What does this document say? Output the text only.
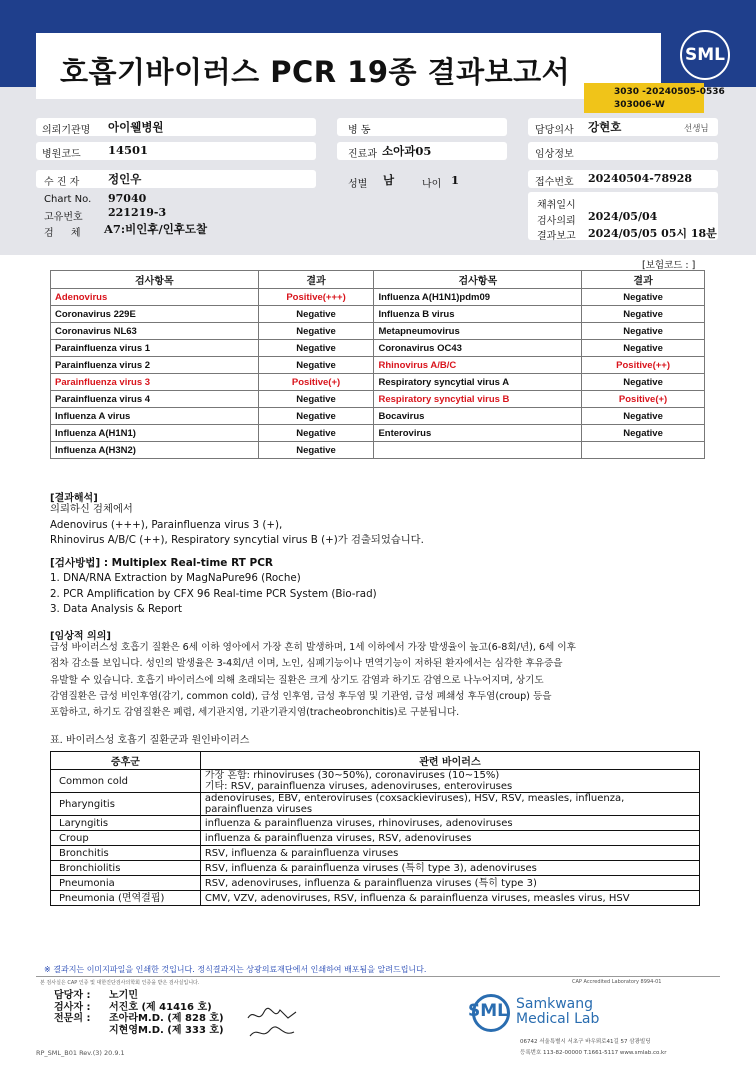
호흡기바이러스 PCR 19종 결과보고서	SML
3030 -20240505-0536
303006-W
의뢰기관명 아이웰병원	병 동	담당의사 강현호	선생님
병원코드 14501	진료과 소아과05	임상정보
수 진 자 정인우	성별 남	나이 1	접수번호 20240504-78928
Chart No. 97040
고유번호 221219-3
검 체 A7:비인후/인후도찰
채취일시
검사의뢰 2024/05/04
결과보고 2024/05/05 05시 18분
[보험코드 : ]
검사항목	결과	검사항목	결과
Adenovirus	Positive(+++)	Influenza A(H1N1)pdm09	Negative
Coronavirus 229E	Negative	Influenza B virus	Negative
Coronavirus NL63	Negative	Metapneumovirus	Negative
Parainfluenza virus 1	Negative	Coronavirus OC43	Negative
Parainfluenza virus 2	Negative	Rhinovirus A/B/C	Positive(++)
Parainfluenza virus 3	Positive(+)	Respiratory syncytial virus A	Negative
Parainfluenza virus 4	Negative	Respiratory syncytial virus B	Positive(+)
Influenza A virus	Negative	Bocavirus	Negative
Influenza A(H1N1)	Negative	Enterovirus	Negative
Influenza A(H3N2)	Negative		
[결과해석]
의뢰하신 검체에서
Adenovirus (+++), Parainfluenza virus 3 (+),
Rhinovirus A/B/C (++), Respiratory syncytial virus B (+)가 검출되었습니다.
[검사방법] : Multiplex Real-time RT PCR
1. DNA/RNA Extraction by MagNaPure96 (Roche)
2. PCR Amplification by CFX 96 Real-time PCR System (Bio-rad)
3. Data Analysis & Report
[임상적 의의]
급성 바이러스성 호흡기 질환은 6세 이하 영아에서 가장 흔히 발생하며, 1세 이하에서 가장 발생율이 높고(6-8회/년), 6세 이후
점차 감소를 보입니다. 성인의 발생율은 3-4회/년 이며, 노인, 심폐기능이나 면역기능이 저하된 환자에서는 심각한 후유증을
유발할 수 있습니다. 호흡기 바이러스에 의해 초래되는 질환은 크게 상기도 감염과 하기도 감염으로 나누어지며, 상기도
감염질환은 급성 비인후염(감기, common cold), 급성 인후염, 급성 후두염 및 기관염, 급성 폐쇄성 후두염(croup) 등을
포함하고, 하기도 감염질환은 폐렴, 세기관지염, 기관기관지염(tracheobronchitis)로 구분됩니다.
표. 바이러스성 호흡기 질환군과 원인바이러스
증후군	관련 바이러스
Common cold	가장 흔함: rhinoviruses (30~50%), coronaviruses (10~15%)
기타: RSV, parainfluenza viruses, adenoviruses, enteroviruses

Pharyngitis	adenoviruses, EBV, enteroviruses (coxsackieviruses), HSV, RSV, measles, influenza,
parainfluenza viruses

Laryngitis	influenza & parainfluenza viruses, rhinoviruses, adenoviruses

Croup	influenza & parainfluenza viruses, RSV, adenoviruses

Bronchitis	RSV, influenza & parainfluenza viruses

Bronchiolitis	RSV, influenza & parainfluenza viruses (특히 type 3), adenoviruses

Pneumonia	RSV, adenoviruses, influenza & parainfluenza viruses (특히 type 3)

Pneumonia (면역결핍)	CMV, VZV, adenoviruses, RSV, influenza & parainfluenza viruses, measles virus, HSV
※ 결과지는 이미지파일을 인쇄한 것입니다. 정식결과지는 상광의료재단에서 인쇄하여 배포됨을 알려드립니다.
본 검사실은 CAP 인증 및 대한진단검사의학회 인증을 받은 검사실입니다.	CAP Accredited Laboratory 8994-01
담당자 :
검사자 :
전문의 :
노기민
서진호 (제 41416 호)
조아라M.D. (제 828 호)
지현영M.D. (제 333 호)
SML Samkwang
Medical Lab
06742 서울특별시 서초구 바우뫼로41길 57 삼광빌딩
등록번호 113-82-00000 T.1661-5117 www.smlab.co.kr
RP_SML_B01 Rev.(3) 20.9.1
